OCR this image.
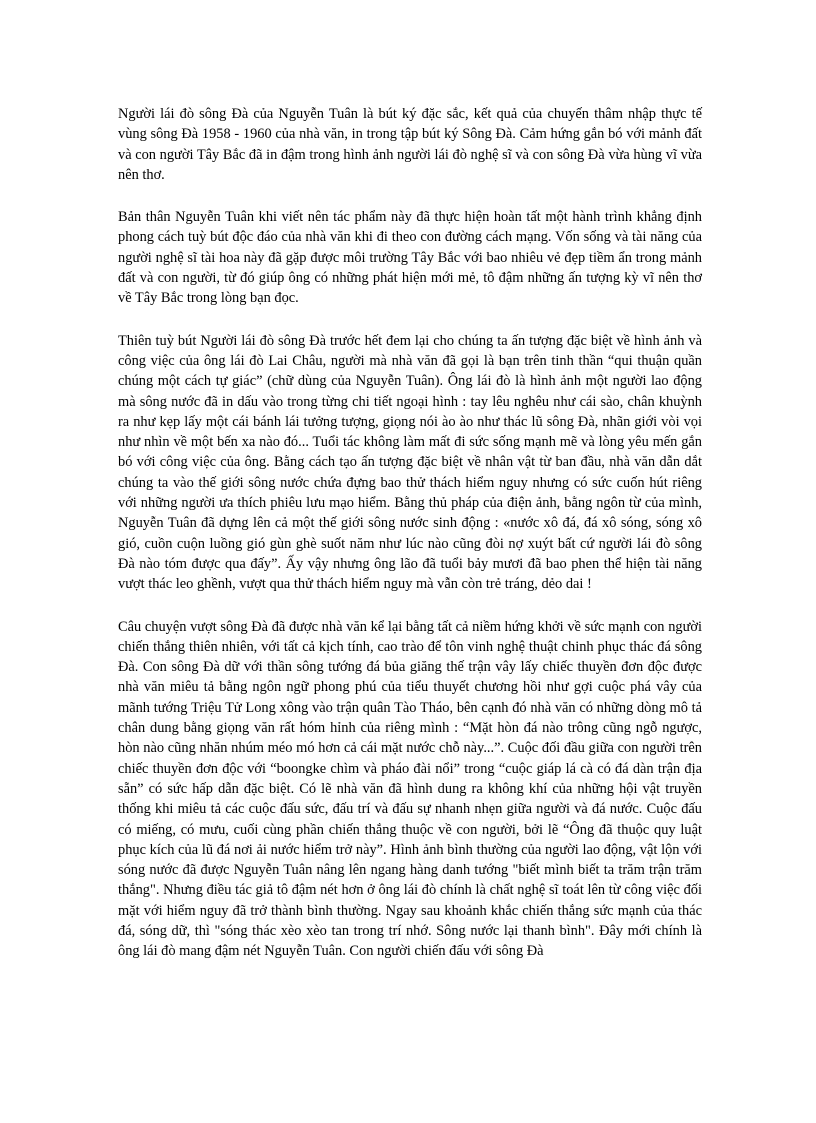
Người lái đò sông Đà của Nguyễn Tuân là bút ký đặc sắc, kết quả của chuyến thâm nhập thực tế vùng sông Đà 1958 - 1960 của nhà văn, in trong tập bút ký Sông Đà. Cảm hứng gắn bó với mảnh đất và con người Tây Bắc đã in đậm trong hình ảnh người lái đò nghệ sĩ và con sông Đà vừa hùng vĩ vừa nên thơ.

Bản thân Nguyễn Tuân khi viết nên tác phẩm này đã thực hiện hoàn tất một hành trình khẳng định phong cách tuỳ bút độc đáo của nhà văn khi đi theo con đường cách mạng. Vốn sống và tài năng của người nghệ sĩ tài hoa này đã gặp được môi trường Tây Bắc với bao nhiêu vẻ đẹp tiềm ẩn trong mảnh đất và con người, từ đó giúp ông có những phát hiện mới mẻ, tô đậm những ấn tượng kỳ vĩ nên thơ về Tây Bắc trong lòng bạn đọc.

Thiên tuỳ bút Người lái đò sông Đà trước hết đem lại cho chúng ta ấn tượng đặc biệt về hình ảnh và công việc của ông lái đò Lai Châu, người mà nhà văn đã gọi là bạn trên tinh thần “qui thuận quần chúng một cách tự giác” (chữ dùng của Nguyễn Tuân). Ông lái đò là hình ảnh một người lao động mà sông nước đã in dấu vào trong từng chi tiết ngoại hình : tay lêu nghêu như cái sào, chân khuỳnh ra như kẹp lấy một cái bánh lái tưởng tượng, giọng nói ào ào như thác lũ sông Đà, nhãn giới vòi vọi như nhìn về một bến xa nào đó... Tuổi tác không làm mất đi sức sống mạnh mẽ và lòng yêu mến gắn bó với công việc của ông. Bằng cách tạo ấn tượng đặc biệt về nhân vật từ ban đầu, nhà văn dẫn dắt chúng ta vào thế giới sông nước chứa đựng bao thử thách hiểm nguy nhưng có sức cuốn hút riêng với những người ưa thích phiêu lưu mạo hiểm. Bằng thủ pháp của điện ảnh, bằng ngôn từ của mình, Nguyễn Tuân đã dựng lên cả một thế giới sông nước sinh động : «nước xô đá, đá xô sóng, sóng xô gió, cuồn cuộn luồng gió gùn ghè suốt năm như lúc nào cũng đòi nợ xuýt bất cứ người lái đò sông Đà nào tóm được qua đấy”. Ấy vậy nhưng ông lão đã tuổi bảy mươi đã bao phen thể hiện tài năng vượt thác leo ghềnh, vượt qua thử thách hiểm nguy mà vẫn còn trẻ tráng, dẻo dai !

Câu chuyện vượt sông Đà đã được nhà văn kể lại bằng tất cả niềm hứng khởi về sức mạnh con người chiến thắng thiên nhiên, với tất cả kịch tính, cao trào để tôn vinh nghệ thuật chinh phục thác đá sông Đà. Con sông Đà dữ với thần sông tướng đá bủa giăng thế trận vây lấy chiếc thuyền đơn độc được nhà văn miêu tả bằng ngôn ngữ phong phú của tiểu thuyết chương hồi như gợi cuộc phá vây của mãnh tướng Triệu Tử Long xông vào trận quân Tào Tháo, bên cạnh đó nhà văn có những dòng mô tả chân dung bằng giọng văn rất hóm hỉnh của riêng mình : “Mặt hòn đá nào trông cũng ngỗ ngược, hòn nào cũng nhăn nhúm méo mó hơn cả cái mặt nước chỗ này...”. Cuộc đối đầu giữa con người trên chiếc thuyền đơn độc với “boongke chìm và pháo đài nổi” trong “cuộc giáp lá cà có đá dàn trận địa sẵn” có sức hấp dẫn đặc biệt. Có lẽ nhà văn đã hình dung ra không khí của những hội vật truyền thống khi miêu tả các cuộc đấu sức, đấu trí và đấu sự nhanh nhẹn giữa người và đá nước. Cuộc đấu có miếng, có mưu, cuối cùng phần chiến thắng thuộc về con người, bởi lẽ “Ông đã thuộc quy luật phục kích của lũ đá nơi ải nước hiểm trở này”. Hình ảnh bình thường của người lao động, vật lộn với sóng nước đã được Nguyễn Tuân nâng lên ngang hàng danh tướng "biết mình biết ta trăm trận trăm thắng". Nhưng điều tác giả tô đậm nét hơn ở ông lái đò chính là chất nghệ sĩ toát lên từ công việc đối mặt với hiểm nguy đã trở thành bình thường. Ngay sau khoảnh khắc chiến thắng sức mạnh của thác đá, sóng dữ, thì "sóng thác xèo xèo tan trong trí nhớ. Sông nước lại thanh bình". Đây mới chính là ông lái đò mang đậm nét Nguyễn Tuân. Con người chiến đấu với sông Đà
